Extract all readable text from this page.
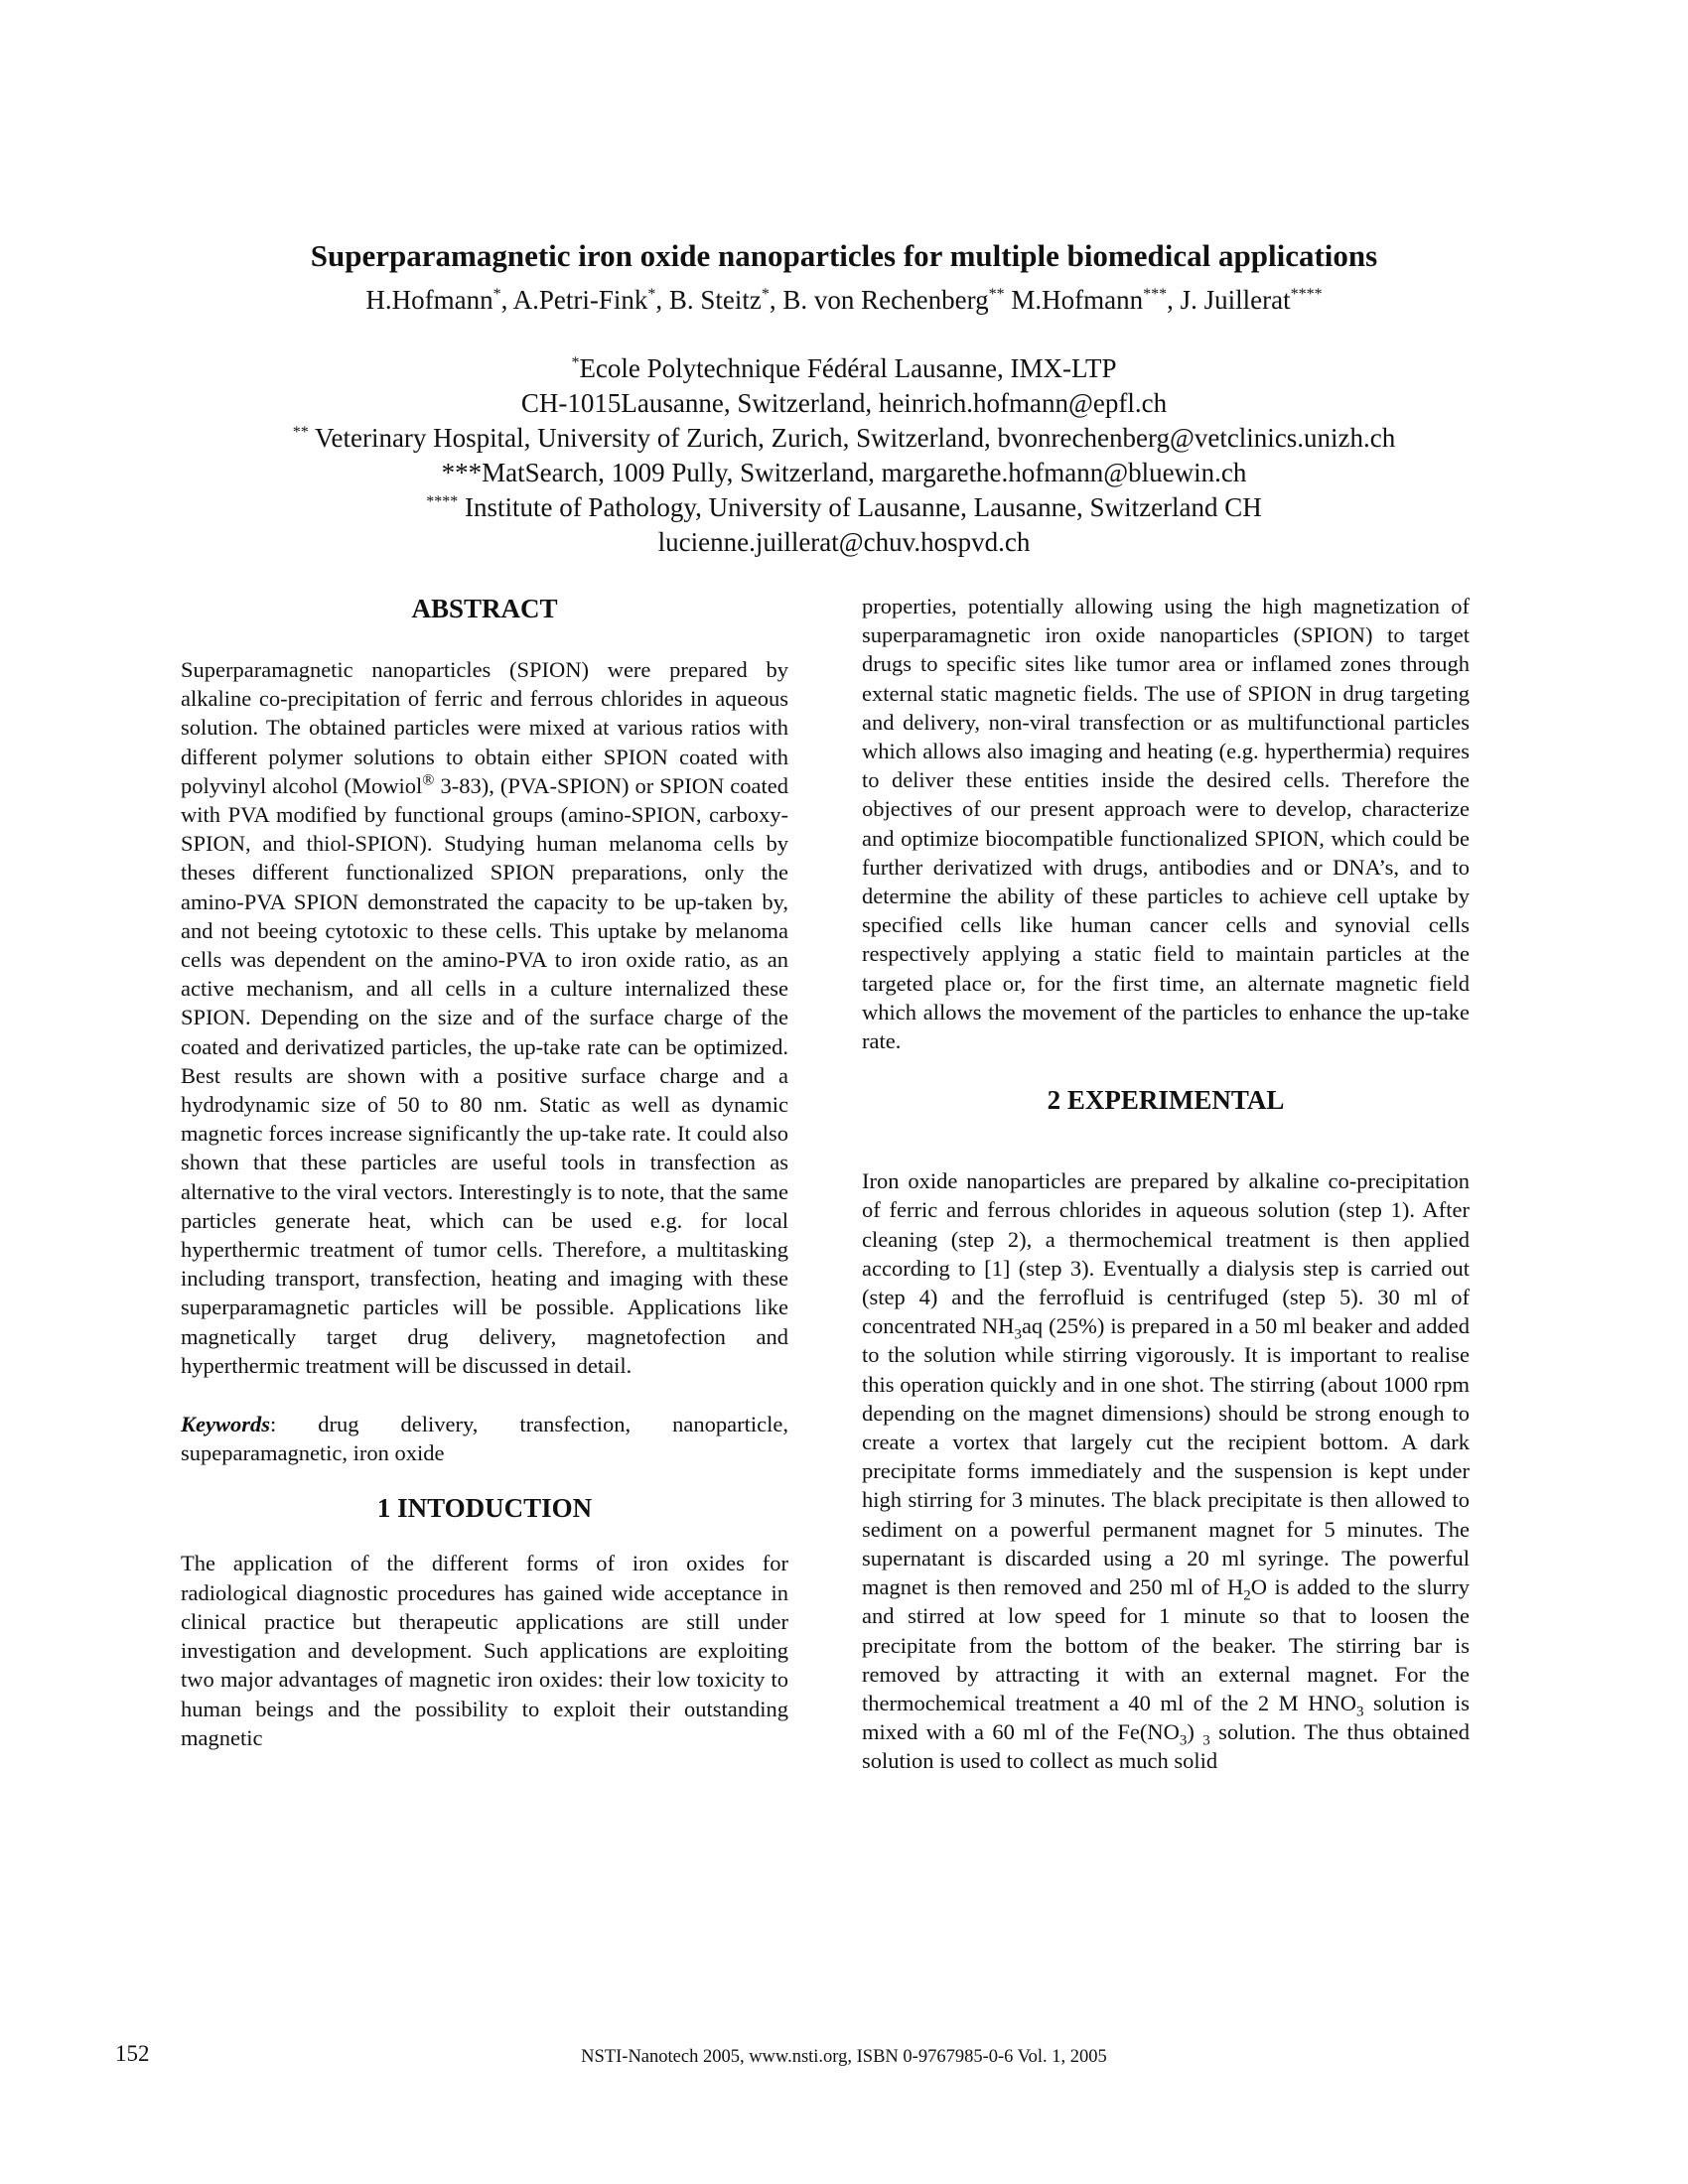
Superparamagnetic iron oxide nanoparticles for multiple biomedical applications
H.Hofmann*, A.Petri-Fink*, B. Steitz*, B. von Rechenberg** M.Hofmann***, J. Juillerat****
*Ecole Polytechnique Fédéral Lausanne, IMX-LTP
CH-1015Lausanne, Switzerland, heinrich.hofmann@epfl.ch
** Veterinary Hospital, University of Zurich, Zurich, Switzerland, bvonrechenberg@vetclinics.unizh.ch
***MatSearch, 1009 Pully, Switzerland, margarethe.hofmann@bluewin.ch
**** Institute of Pathology, University of Lausanne, Lausanne, Switzerland CH
lucienne.juillerat@chuv.hospvd.ch
ABSTRACT

Superparamagnetic nanoparticles (SPION) were prepared by alkaline co-precipitation of ferric and ferrous chlorides in aqueous solution. The obtained particles were mixed at various ratios with different polymer solutions to obtain either SPION coated with polyvinyl alcohol (Mowiol® 3-83), (PVA-SPION) or SPION coated with PVA modified by functional groups (amino-SPION, carboxy-SPION, and thiol-SPION). Studying human melanoma cells by theses different functionalized SPION preparations, only the amino-PVA SPION demonstrated the capacity to be up-taken by, and not beeing cytotoxic to these cells. This uptake by melanoma cells was dependent on the amino-PVA to iron oxide ratio, as an active mechanism, and all cells in a culture internalized these SPION. Depending on the size and of the surface charge of the coated and derivatized particles, the up-take rate can be optimized. Best results are shown with a positive surface charge and a hydrodynamic size of 50 to 80 nm. Static as well as dynamic magnetic forces increase significantly the up-take rate. It could also shown that these particles are useful tools in transfection as alternative to the viral vectors. Interestingly is to note, that the same particles generate heat, which can be used e.g. for local hyperthermic treatment of tumor cells. Therefore, a multitasking including transport, transfection, heating and imaging with these superparamagnetic particles will be possible. Applications like magnetically target drug delivery, magnetofection and hyperthermic treatment will be discussed in detail.

Keywords: drug delivery, transfection, nanoparticle, supeparamagnetic, iron oxide

1 INTODUCTION

The application of the different forms of iron oxides for radiological diagnostic procedures has gained wide acceptance in clinical practice but therapeutic applications are still under investigation and development. Such applications are exploiting two major advantages of magnetic iron oxides: their low toxicity to human beings and the possibility to exploit their outstanding magnetic

properties, potentially allowing using the high magnetization of superparamagnetic iron oxide nanoparticles (SPION) to target drugs to specific sites like tumor area or inflamed zones through external static magnetic fields. The use of SPION in drug targeting and delivery, non-viral transfection or as multifunctional particles which allows also imaging and heating (e.g. hyperthermia) requires to deliver these entities inside the desired cells. Therefore the objectives of our present approach were to develop, characterize and optimize biocompatible functionalized SPION, which could be further derivatized with drugs, antibodies and or DNA’s, and to determine the ability of these particles to achieve cell uptake by specified cells like human cancer cells and synovial cells respectively applying a static field to maintain particles at the targeted place or, for the first time, an alternate magnetic field which allows the movement of the particles to enhance the up-take rate.

2 EXPERIMENTAL

Iron oxide nanoparticles are prepared by alkaline co-precipitation of ferric and ferrous chlorides in aqueous solution (step 1). After cleaning (step 2), a thermochemical treatment is then applied according to [1] (step 3). Eventually a dialysis step is carried out (step 4) and the ferrofluid is centrifuged (step 5). 30 ml of concentrated $NH_3aq$ (25%) is prepared in a 50 ml beaker and added to the solution while stirring vigorously. It is important to realise this operation quickly and in one shot. The stirring (about 1000 rpm depending on the magnet dimensions) should be strong enough to create a vortex that largely cut the recipient bottom. A dark precipitate forms immediately and the suspension is kept under high stirring for 3 minutes. The black precipitate is then allowed to sediment on a powerful permanent magnet for 5 minutes. The supernatant is discarded using a 20 ml syringe. The powerful magnet is then removed and 250 ml of $H_2O$ is added to the slurry and stirred at low speed for 1 minute so that to loosen the precipitate from the bottom of the beaker. The stirring bar is removed by attracting it with an external magnet. For the thermochemical treatment a 40 ml of the 2 M $HNO_3$ solution is mixed with a 60 ml of the $Fe(NO_3)$ $_3$ solution. The thus obtained solution is used to collect as much solid

152	NSTI-Nanotech 2005, www.nsti.org, ISBN 0-9767985-0-6 Vol. 1, 2005
